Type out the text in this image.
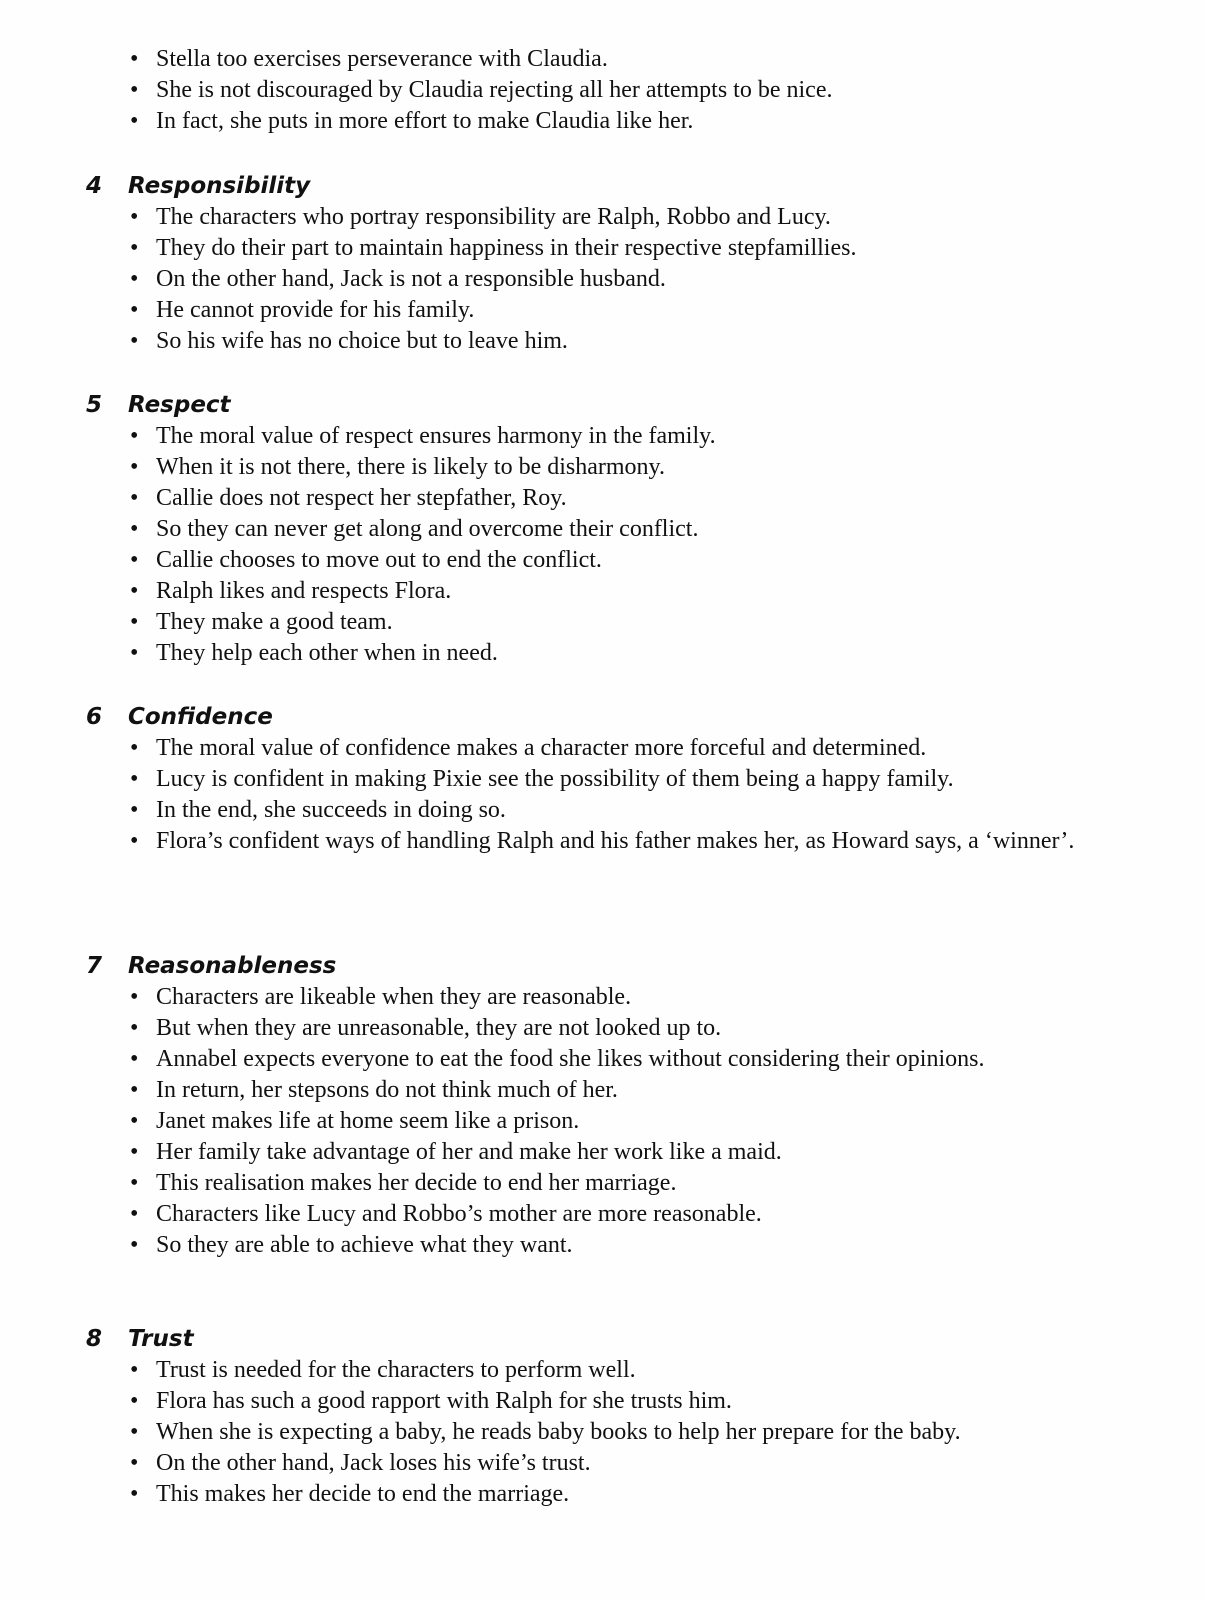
• Stella too exercises perseverance with Claudia.
• She is not discouraged by Claudia rejecting all her attempts to be nice.
• In fact, she puts in more effort to make Claudia like her.
4	Responsibility
• The characters who portray responsibility are Ralph, Robbo and Lucy.
• They do their part to maintain happiness in their respective stepfamillies.
• On the other hand, Jack is not a responsible husband.
• He cannot provide for his family.
• So his wife has no choice but to leave him.
5	Respect
• The moral value of respect ensures harmony in the family.
• When it is not there, there is likely to be disharmony.
• Callie does not respect her stepfather, Roy.
• So they can never get along and overcome their conflict.
• Callie chooses to move out to end the conflict.
• Ralph likes and respects Flora.
• They make a good team.
• They help each other when in need.
6	Confidence
• The moral value of confidence makes a character more forceful and determined.
• Lucy is confident in making Pixie see the possibility of them being a happy family.
• In the end, she succeeds in doing so.
• Flora’s confident ways of handling Ralph and his father makes her, as Howard says, a ‘winner’.
7	Reasonableness
• Characters are likeable when they are reasonable.
• But when they are unreasonable, they are not looked up to.
• Annabel expects everyone to eat the food she likes without considering their opinions.
• In return, her stepsons do not think much of her.
• Janet makes life at home seem like a prison.
• Her family take advantage of her and make her work like a maid.
• This realisation makes her decide to end her marriage.
• Characters like Lucy and Robbo’s mother are more reasonable.
• So they are able to achieve what they want.
8	Trust
• Trust is needed for the characters to perform well.
• Flora has such a good rapport with Ralph for she trusts him.
• When she is expecting a baby, he reads baby books to help her prepare for the baby.
• On the other hand, Jack loses his wife’s trust.
• This makes her decide to end the marriage.
